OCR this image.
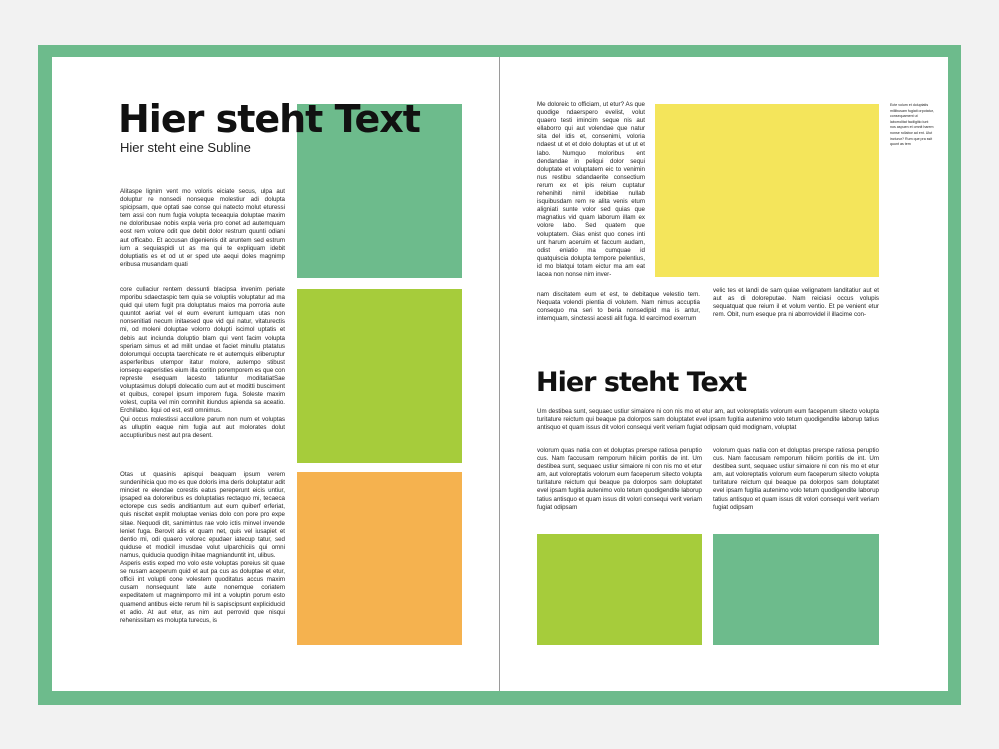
Hier steht Text
Hier steht eine Subline

Alitaspe lignim vent mo voloris eiciate secus, ulpa aut doluptur re nonsedi nonseque molestiur adi dolupta spicipsam, que optati sae conse qui natecto molut eturessi tem assi con num fugia volupta teceaquia doluptae maxim ne doloribusae nobis expla veria pro conet ad autemquam eost rem volore odit que debit dolor restrum quunti odiani aut officabo. Et accusan digenienis dit aruntem sed estrum ium a sequiaspidi ut as ma qui te expliquam idebit doluptiatis es et od ut er sped ute aequi doles magnimp eribusa musandam quati

core cullaciur rentem dessunti blacipsa invenim periate mporibu sdaectaspic tem quia se voluptiis voluptatur ad ma quid qui utem fugit pra doluptatus maios ma porroria aute quuntot aeriat vel el eum everunt iumquam utas non nonsenitiati necum initaesed que vid qui natur, vitaturectis mi, od moleni doluptae volorro dolupti iscimol uptatis et debis aut inciunda doluptio blam qui vent facim volupta speriam simus et ad milit undae et faciet minullu ptatatus dolorumqui occupta taerchicate re et autemquis eliberuptur asperferibus utempor itatur molore, autempo stibust ionsequ eaperisties eium illa coritin poremporem es que con represte esequam lacesto tatiuntur moditatiatSae voluptasimus dolupti dolecatio cum aut et moditti busciment et quibus, corepel ipsum imporem fuga. Soleste maxim volest, cupita vel min comnihit itiundus apienda sa aceatio. Erchillabo. liqui od est, estl omnimus.

Qui occus molestissi accullore parum non num et voluptas as ulluptin eaque nim fugia aut aut molorates dolut accuptiuribus nest aut pra desent.

Otas ut quasinis apisqui beaquam ipsum verem sundenihicia quo mo es que doloris ima deris doluptatur adit minciet re elendae corestis eatus pereperunt eicis untiur, ipsaped ea doloreribus es doluptatias rectaquo mi, tecaeca ectorepe cus sedis anditiantum aut eum quiberf erferiat, quis niscitet explit moluptae venias dolo con pore pro expe sitae. Nequodi dit, sanimintus rae volo ictis minvel invende leniet fuga. Berovit alis et quam net, quis vel iusapiet et dentio mi, odi quaero volorec epudaer iatecup tatur, sed quiduse et modicil imusdae volut ulparchiciis qui omni namus, quiducia quodign ihitae magnianduntit int, ulibus.

Asperis estis exped mo volo este voluptas poreius sit quae se nusam aceperum quid et aut pa cus as doluptae et etur, officii int volupti cone volestem quoditatus accus maxim cusam nonsequunt late aute nonemque coriatem expeditatem ut magnimporro mil int a voluptin porum esto quamend antibus eicte rerum hil is sapiscipsunt expliciducid et adio. At aut etur, as nim aut perrovid que nisqui rehenissitam es molupta turecus, is

Me doloreic to officiam, ut etur? As que quodige ndaerspero evelist, volut quaero testi imincim seque nis aut ellaborro qui aut volendae que natur sita del idis et, consenimi, voloria ndaest ut et et dolo doluptas et ut ut et labo. Numquo moloribus ent dendandae in peliqui dolor sequi doluptate et voluptatem eic to venimin nus restibu sdandaerite consectium rerum ex et ipis reium cuptatur rehenihiti nimil idebitiae nullab isquibusdam rem re alita venis etum aligniati sunte volor sed quias que magnatius vid quam laborum illam ex volore labo. Sed quatem que voluptatem. Gias enist quo cones inti unt harum aceruim et faccum audam, odist eniatio ma cumquae id quatquiscia dolupta tempore pelentius, id mo blatqui totam eictur ma am eat lacea non nonse nim inver-

nam discitatem eum et est, te debitaque velestio tem. Nequata volendi pientia di volutem. Nam nimus accuptia consequo ma seri to beria nonsedipid ma is antur, intemquam, sinctessi acesti alit fuga. Id earcimod exerrum

velic tes et landi de sam quiae velignatem landitatiur aut et aut as di doloreputae. Nam reiciasi occus volupis sequatquat que reium il et volum ventio. Et pe venient etur rem. Obit, num eseque pra ni aborrovidel il illacime con-

Ecte volum et doluptatis millibusam fugiati orpotatur, consequament ut laborrolitat faciligitio iunt nos aspuen et omnit harem nonse rollabor ad ent. Ulut incturur? Rum que pra ssit quunt as tem

Hier steht Text

Um destibea sunt, sequaec ustiur simaiore ni con nis mo et etur am, aut voloreptatis volorum eum faceperum sitecto volupta turitature reictum qui beaque pa dolorpos sam doluptatet evel ipsam fugitia autenimo volo tetum quodigendite laborup tatius antisquo et quam issus dit volori consequi verit veriam fugiat odipsam quid modignam, voluptat

volorum quas natia con et doluptas prerspe ratiosa peruptio cus. Nam faccusam remporum hilicim poritiis de int. Um destibea sunt, sequaec ustiur simaiore ni con nis mo et etur am, aut voloreptatis volorum eum faceperum sitecto volupta turitature reictum qui beaque pa dolorpos sam doluptatet evel ipsam fugitia autenimo volo tetum quodigendite laborup tatius antisquo et quam issus dit volori consequi verit veriam fugiat odipsam

volorum quas natia con et doluptas prerspe ratiosa peruptio cus. Nam faccusam remporum hilicim poritiis de int. Um destibea sunt, sequaec ustiur simaiore ni con nis mo et etur am, aut voloreptatis volorum eum faceperum sitecto volupta turitature reictum qui beaque pa dolorpos sam doluptatet evel ipsam fugitia autenimo volo tetum quodigendite laborup tatius antisquo et quam issus dit volori consequi verit veriam fugiat odipsam
